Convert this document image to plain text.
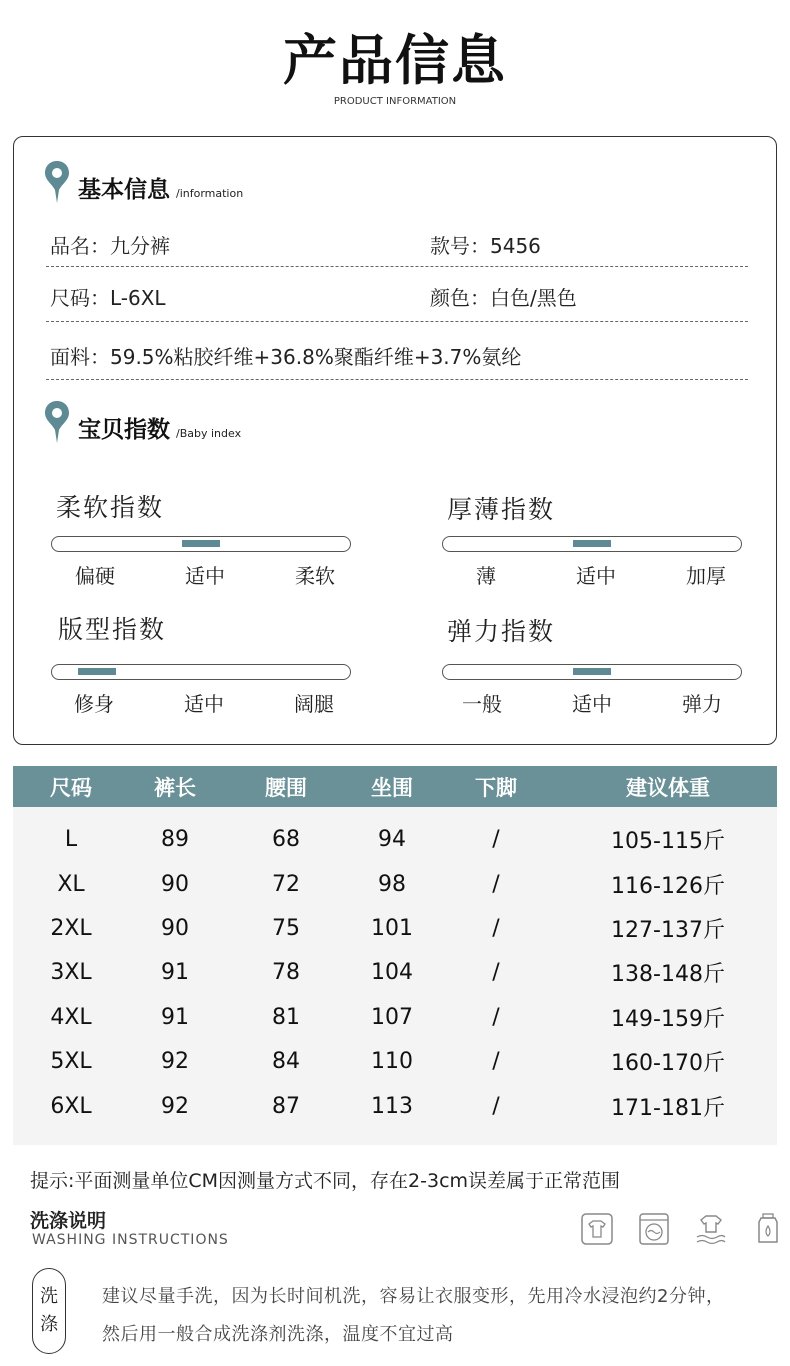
产品信息
PRODUCT INFORMATION
基本信息 /information
品名：九分裤	款号：5456
尺码：L-6XL	颜色：白色/黑色
面料：59.5%粘胶纤维+36.8%聚酯纤维+3.7%氨纶
宝贝指数 /Baby index
柔软指数
偏硬	适中	柔软
厚薄指数
薄	适中	加厚
版型指数
修身	适中	阔腿
弹力指数
一般	适中	弹力
尺码	裤长	腰围	坐围	下脚	建议体重
L	89	68	94	/	105-115斤
XL	90	72	98	/	116-126斤
2XL	90	75	101	/	127-137斤
3XL	91	78	104	/	138-148斤
4XL	91	81	107	/	149-159斤
5XL	92	84	110	/	160-170斤
6XL	92	87	113	/	171-181斤
提示:平面测量单位CM因测量方式不同，存在2-3cm误差属于正常范围
洗涤说明
WASHING INSTRUCTIONS
洗
涤
建议尽量手洗，因为长时间机洗，容易让衣服变形，先用冷水浸泡约2分钟，
然后用一般合成洗涤剂洗涤，温度不宜过高
